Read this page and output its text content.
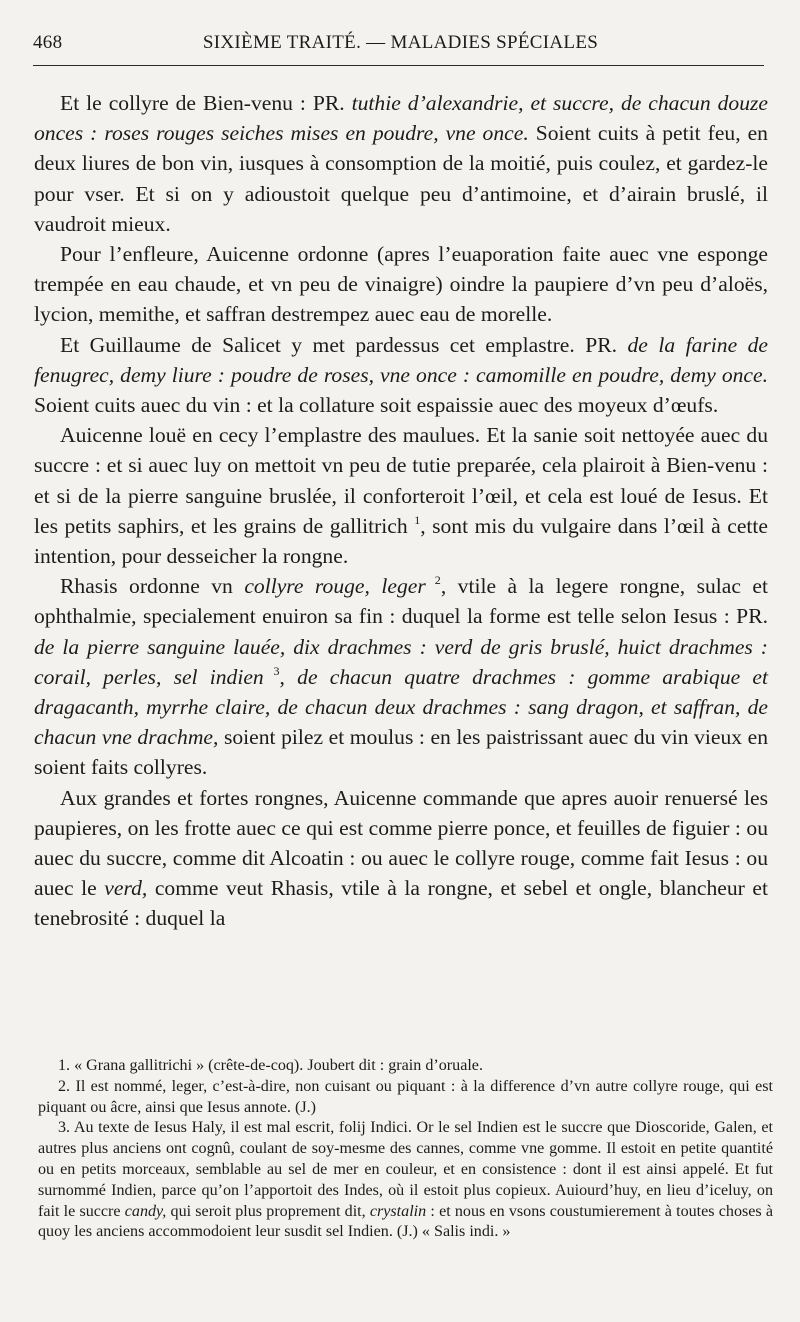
468	SIXIÈME TRAITÉ. — MALADIES SPÉCIALES

Et le collyre de Bien-venu : PR. tuthie d’alexandrie, et succre, de chacun douze onces : roses rouges seiches mises en poudre, vne once. Soient cuits à petit feu, en deux liures de bon vin, iusques à consomption de la moitié, puis coulez, et gardez-le pour vser. Et si on y adioustoit quelque peu d’antimoine, et d’airain bruslé, il vaudroit mieux.

Pour l’enfleure, Auicenne ordonne (apres l’euaporation faite auec vne esponge trempée en eau chaude, et vn peu de vinaigre) oindre la paupiere d’vn peu d’aloës, lycion, memithe, et saffran destrempez auec eau de morelle.

Et Guillaume de Salicet y met pardessus cet emplastre. PR. de la farine de fenugrec, demy liure : poudre de roses, vne once : camomille en poudre, demy once. Soient cuits auec du vin : et la collature soit espaissie auec des moyeux d’œufs.

Auicenne louë en cecy l’emplastre des maulues. Et la sanie soit nettoyée auec du succre : et si auec luy on mettoit vn peu de tutie preparée, cela plairoit à Bien-venu : et si de la pierre sanguine bruslée, il conforteroit l’œil, et cela est loué de Iesus. Et les petits saphirs, et les grains de gallitrich $^1$, sont mis du vulgaire dans l’œil à cette intention, pour desseicher la rongne.

Rhasis ordonne vn collyre rouge, leger $^2$, vtile à la legere rongne, sulac et ophthalmie, specialement enuiron sa fin : duquel la forme est telle selon Iesus : PR. de la pierre sanguine lauée, dix drachmes : verd de gris bruslé, huict drachmes : corail, perles, sel indien $^3$, de chacun quatre drachmes : gomme arabique et dragacanth, myrrhe claire, de chacun deux drachmes : sang dragon, et saffran, de chacun vne drachme, soient pilez et moulus : en les paistrissant auec du vin vieux en soient faits collyres.

Aux grandes et fortes rongnes, Auicenne commande que apres auoir renuersé les paupieres, on les frotte auec ce qui est comme pierre ponce, et feuilles de figuier : ou auec du succre, comme dit Alcoatin : ou auec le collyre rouge, comme fait Iesus : ou auec le verd, comme veut Rhasis, vtile à la rongne, et sebel et ongle, blancheur et tenebrosité : duquel la

1. « Grana gallitrichi » (crête-de-coq). Joubert dit : grain d’oruale.

2. Il est nommé, leger, c’est-à-dire, non cuisant ou piquant : à la difference d’vn autre collyre rouge, qui est piquant ou âcre, ainsi que Iesus annote. (J.)

3. Au texte de Iesus Haly, il est mal escrit, folij Indici. Or le sel Indien est le succre que Dioscoride, Galen, et autres plus anciens ont cognû, coulant de soy-mesme des cannes, comme vne gomme. Il estoit en petite quantité ou en petits morceaux, semblable au sel de mer en couleur, et en consistence : dont il est ainsi appelé. Et fut surnommé Indien, parce qu’on l’apportoit des Indes, où il estoit plus copieux. Auiourd’huy, en lieu d’iceluy, on fait le succre candy, qui seroit plus proprement dit, crystalin : et nous en vsons coustumierement à toutes choses à quoy les anciens accommodoient leur susdit sel Indien. (J.) « Salis indi. »
